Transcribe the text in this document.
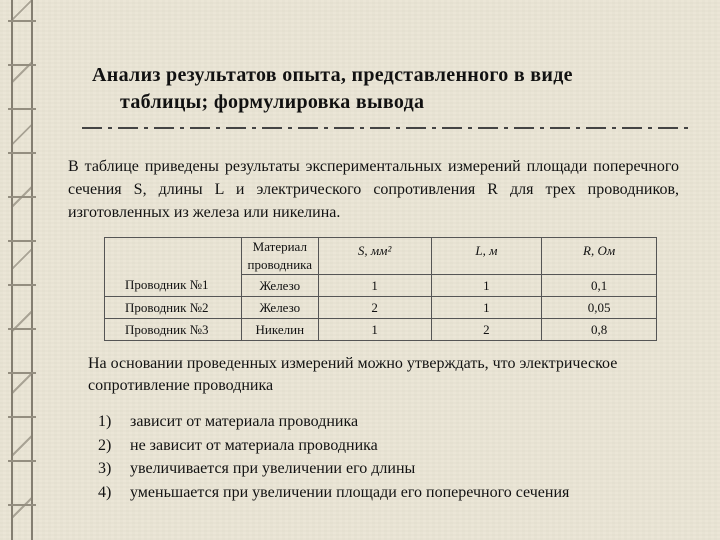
Анализ результатов опыта, представленного в виде
таблицы; формулировка вывода
В таблице приведены результаты экспериментальных измерений площади поперечного сечения S, длины L и электрического сопротивления R для трех проводников, изготовленных из железа или никелина.
	Материал
проводника	S, мм²	L, м	R, Ом
Проводник №1	Железо	1	1	0,1
Проводник №2	Железо	2	1	0,05
Проводник №3	Никелин	1	2	0,8
На основании проведенных измерений можно утверждать, что электрическое сопротивление проводника
1) зависит от материала проводника
2) не зависит от материала проводника
3) увеличивается при увеличении его длины
4) уменьшается при увеличении площади его поперечного сечения
